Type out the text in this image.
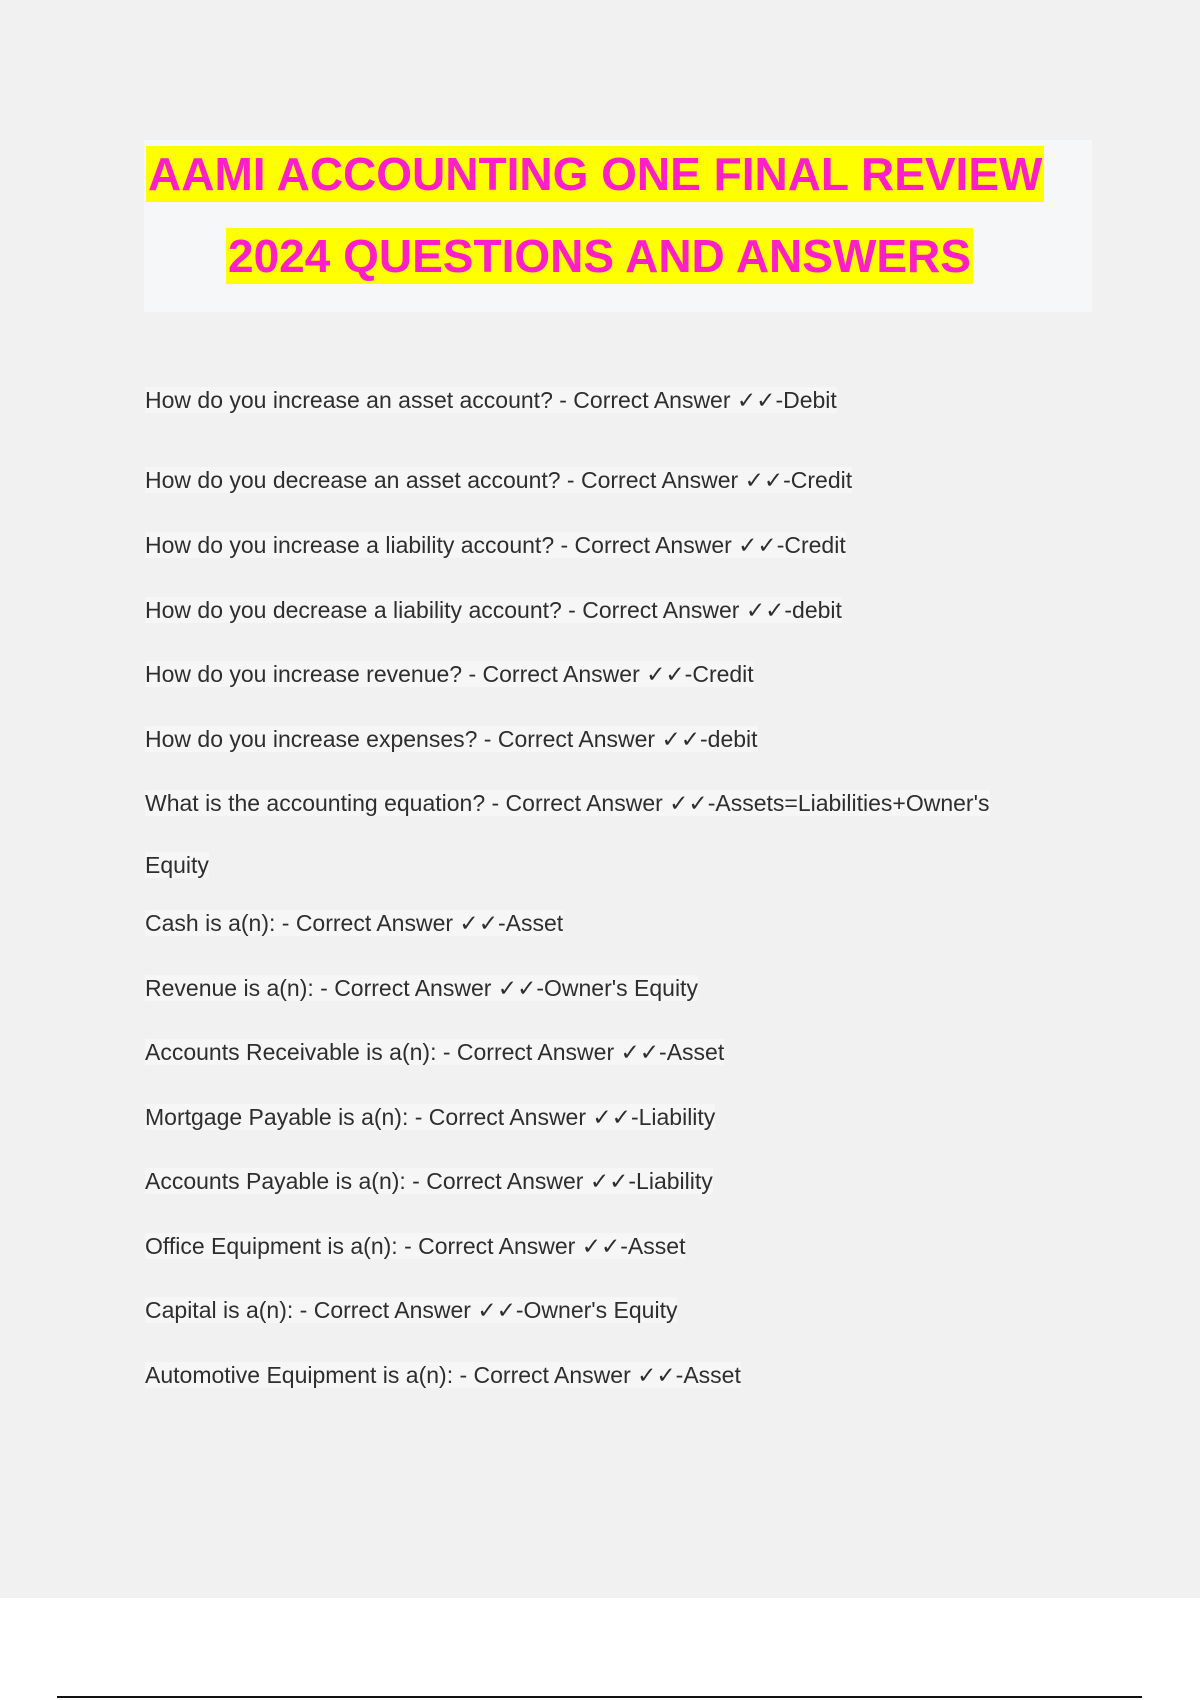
AAMI ACCOUNTING ONE FINAL REVIEW
2024 QUESTIONS AND ANSWERS

How do you increase an asset account? - Correct Answer ✓✓-Debit

How do you decrease an asset account? - Correct Answer ✓✓-Credit

How do you increase a liability account? - Correct Answer ✓✓-Credit

How do you decrease a liability account? - Correct Answer ✓✓-debit

How do you increase revenue? - Correct Answer ✓✓-Credit

How do you increase expenses? - Correct Answer ✓✓-debit

What is the accounting equation? - Correct Answer ✓✓-Assets=Liabilities+Owner's

Equity

Cash is a(n): - Correct Answer ✓✓-Asset

Revenue is a(n): - Correct Answer ✓✓-Owner's Equity

Accounts Receivable is a(n): - Correct Answer ✓✓-Asset

Mortgage Payable is a(n): - Correct Answer ✓✓-Liability

Accounts Payable is a(n): - Correct Answer ✓✓-Liability

Office Equipment is a(n): - Correct Answer ✓✓-Asset

Capital is a(n): - Correct Answer ✓✓-Owner's Equity

Automotive Equipment is a(n): - Correct Answer ✓✓-Asset
